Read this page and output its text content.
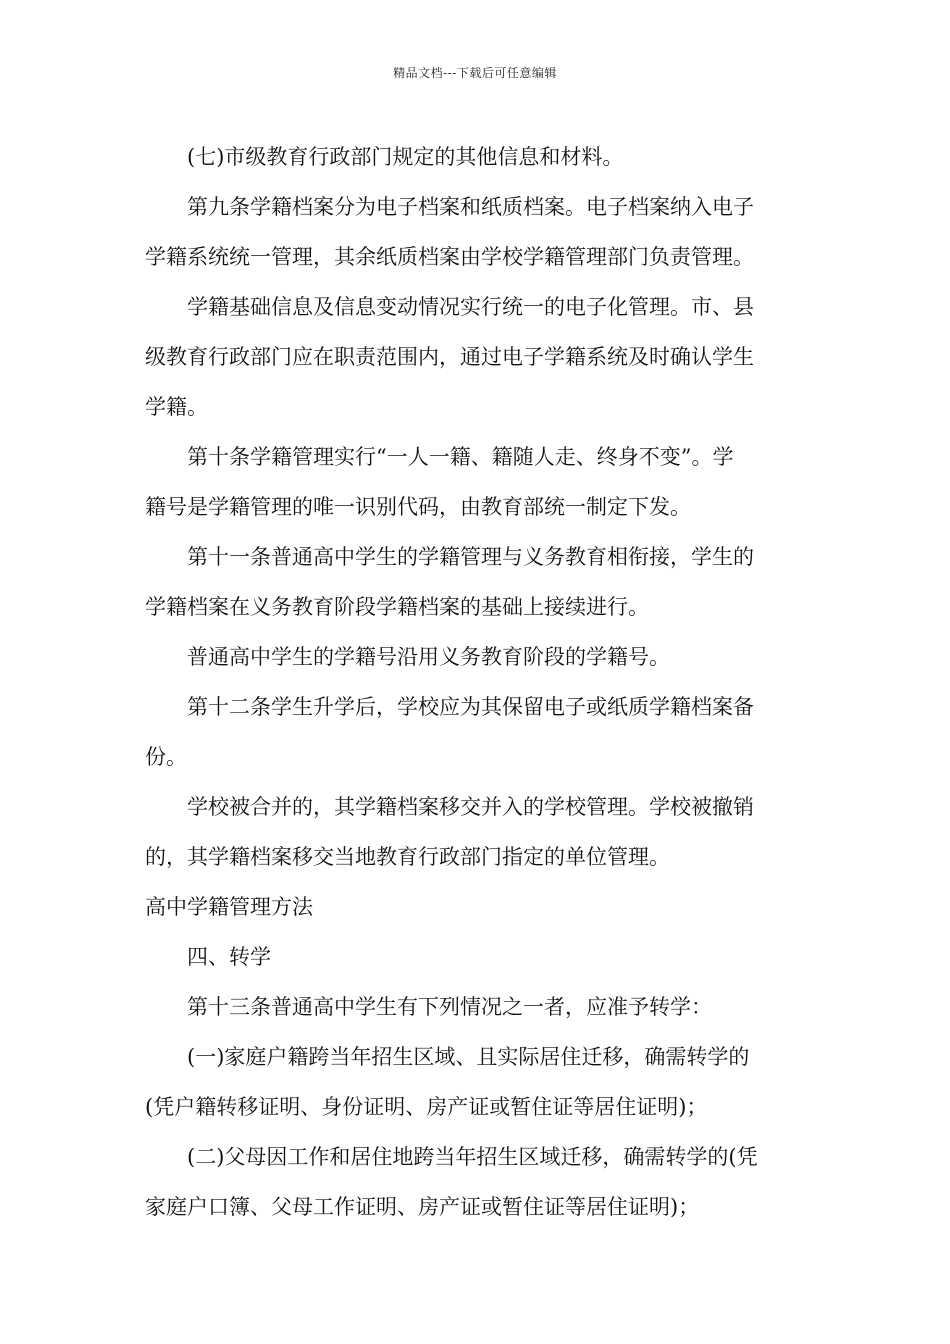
精品文档---下载后可任意编辑

(七)市级教育行政部门规定的其他信息和材料。

第九条学籍档案分为电子档案和纸质档案。电子档案纳入电子
学籍系统统一管理，其余纸质档案由学校学籍管理部门负责管理。

学籍基础信息及信息变动情况实行统一的电子化管理。市、县
级教育行政部门应在职责范围内，通过电子学籍系统及时确认学生
学籍。

第十条学籍管理实行“一人一籍、籍随人走、终身不变”。学
籍号是学籍管理的唯一识别代码，由教育部统一制定下发。

第十一条普通高中学生的学籍管理与义务教育相衔接，学生的
学籍档案在义务教育阶段学籍档案的基础上接续进行。

普通高中学生的学籍号沿用义务教育阶段的学籍号。

第十二条学生升学后，学校应为其保留电子或纸质学籍档案备
份。

学校被合并的，其学籍档案移交并入的学校管理。学校被撤销
的，其学籍档案移交当地教育行政部门指定的单位管理。

高中学籍管理方法

四、转学

第十三条普通高中学生有下列情况之一者，应准予转学：

(一)家庭户籍跨当年招生区域、且实际居住迁移，确需转学的
(凭户籍转移证明、身份证明、房产证或暂住证等居住证明)；

(二)父母因工作和居住地跨当年招生区域迁移，确需转学的(凭
家庭户口簿、父母工作证明、房产证或暂住证等居住证明)；
